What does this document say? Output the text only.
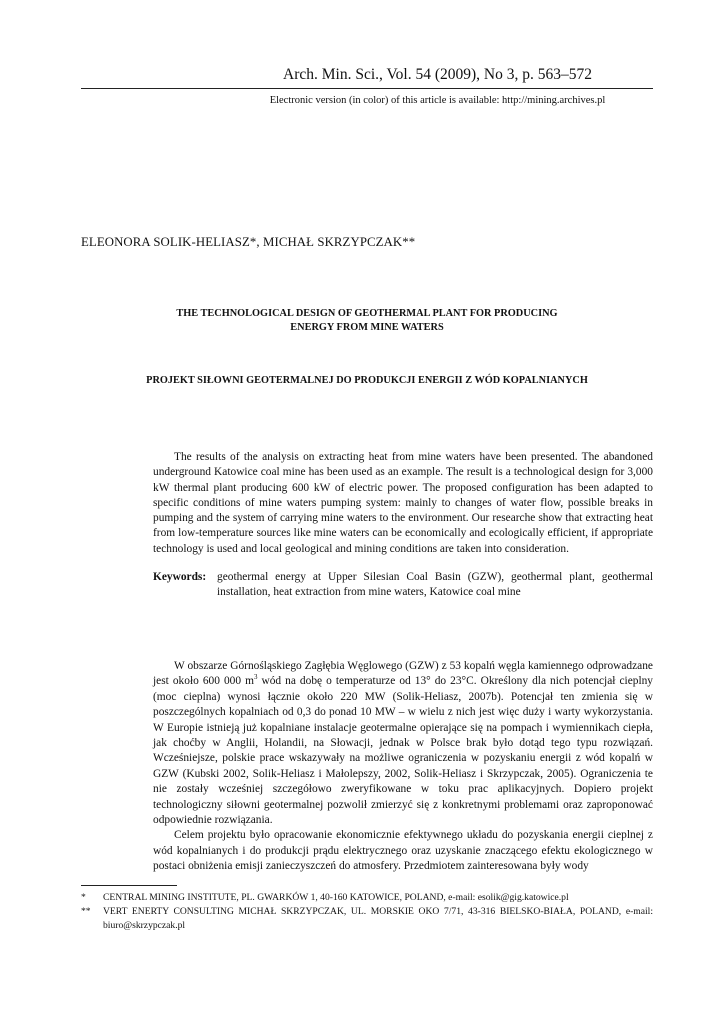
Arch. Min. Sci., Vol. 54 (2009), No 3, p. 563–572
Electronic version (in color) of this article is available: http://mining.archives.pl
ELEONORA SOLIK-HELIASZ*, MICHAŁ SKRZYPCZAK**
THE TECHNOLOGICAL DESIGN OF GEOTHERMAL PLANT FOR PRODUCING
ENERGY FROM MINE WATERS
PROJEKT SIŁOWNI GEOTERMALNEJ DO PRODUKCJI ENERGII Z WÓD KOPALNIANYCH

The results of the analysis on extracting heat from mine waters have been presented. The abandoned underground Katowice coal mine has been used as an example. The result is a technological design for 3,000 kW thermal plant producing 600 kW of electric power. The proposed configuration has been adapted to specific conditions of mine waters pumping system: mainly to changes of water flow, possible breaks in pumping and the system of carrying mine waters to the environment. Our researche show that extracting heat from low-temperature sources like mine waters can be economically and ecologically efficient, if appropriate technology is used and local geological and mining conditions are taken into consideration.

Keywords: geothermal energy at Upper Silesian Coal Basin (GZW), geothermal plant, geothermal installation, heat extraction from mine waters, Katowice coal mine

W obszarze Górnośląskiego Zagłębia Węglowego (GZW) z 53 kopalń węgla kamiennego odprowadzane jest około 600 000 $m^3$ wód na dobę o temperaturze od 13° do 23°C. Określony dla nich potencjał cieplny (moc cieplna) wynosi łącznie około 220 MW (Solik-Heliasz, 2007b). Potencjał ten zmienia się w poszczególnych kopalniach od 0,3 do ponad 10 MW – w wielu z nich jest więc duży i warty wykorzystania. W Europie istnieją już kopalniane instalacje geotermalne opierające się na pompach i wymiennikach ciepła, jak choćby w Anglii, Holandii, na Słowacji, jednak w Polsce brak było dotąd tego typu rozwiązań. Wcześniejsze, polskie prace wskazywały na możliwe ograniczenia w pozyskaniu energii z wód kopalń w GZW (Kubski 2002, Solik-Heliasz i Małolepszy, 2002, Solik-Heliasz i Skrzypczak, 2005). Ograniczenia te nie zostały wcześniej szczegółowo zweryfikowane w toku prac aplikacyjnych. Dopiero projekt technologiczny siłowni geotermalnej pozwolił zmierzyć się z konkretnymi problemami oraz zaproponować odpowiednie rozwiązania.

Celem projektu było opracowanie ekonomicznie efektywnego układu do pozyskania energii cieplnej z wód kopalnianych i do produkcji prądu elektrycznego oraz uzyskanie znaczącego efektu ekologicznego w postaci obniżenia emisji zanieczyszczeń do atmosfery. Przedmiotem zainteresowana były wody

* CENTRAL MINING INSTITUTE, PL. GWARKÓW 1, 40-160 KATOWICE, POLAND, e-mail: esolik@gig.katowice.pl
** VERT ENERTY CONSULTING MICHAŁ SKRZYPCZAK, UL. MORSKIE OKO 7/71, 43-316 BIELSKO-BIAŁA, POLAND, e-mail: biuro@skrzypczak.pl
